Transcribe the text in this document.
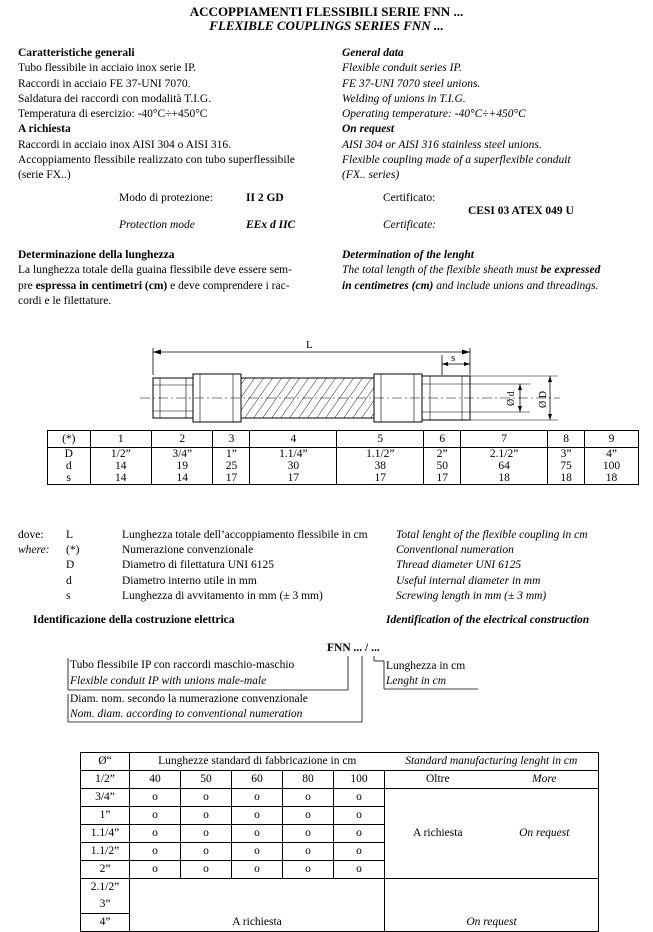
ACCOPPIAMENTI FLESSIBILI SERIE FNN ...
FLEXIBLE COUPLINGS SERIES FNN ...
Caratteristiche generali
Tubo flessibile in acciaio inox serie IP.
Raccordi in acciaio FE 37-UNI 7070.
Saldatura dei raccordi con modalità T.I.G.
Temperatura di esercizio: -40°C÷+450°C
A richiesta
Raccordi in acciaio inox AISI 304 o AISI 316.
Accoppiamento flessibile realizzato con tubo superflessibile
(serie FX..)
General data
Flexible conduit series IP.
FE 37-UNI 7070 steel unions.
Welding of unions in T.I.G.
Operating temperature: -40°C÷+450°C
On request
AISI 304 or AISI 316 stainless steel unions.
Flexible coupling made of a superflexible conduit
(FX.. series)
Modo di protezione:	II 2 GD	Certificato:
Protection mode	EEx d IIC	Certificate:
CESI 03 ATEX 049 U
Determinazione della lunghezza
La lunghezza totale della guaina flessibile deve essere sem-
pre espressa in centimetri (cm) e deve comprendere i rac-
cordi e le filettature.
Determination of the lenght
The total length of the flexible sheath must be expressed
in centimetres (cm) and include unions and threadings.
L
s
Ø d Ø D
(*)	1	2	3	4	5	6	7	8	9
D	1/2”	3/4”	1”	1.1/4”	1.1/2”	2”	2.1/2”	3”	4”
d	14	19	25	30	38	50	64	75	100
s	14	14	17	17	17	17	18	18	18
dove:	L	Lunghezza totale dell’accoppiamento flessibile in cm	Total lenght of the flexible coupling in cm
where:	(*)	Numerazione convenzionale	Conventional numeration
	D	Diametro di filettatura UNI 6125	Thread diameter UNI 6125
	d	Diametro interno utile in mm	Useful internal diameter in mm
	s	Lunghezza di avvitamento in mm (± 3 mm)	Screwing length in mm (± 3 mm)
Identificazione della costruzione elettrica	Identification of the electrical construction
FNN ... / ...
Tubo flessibile IP con raccordi maschio-maschio
Flexible conduit IP with unions male-male
Lunghezza in cm
Lenght in cm
Diam. nom. secondo la numerazione convenzionale
Nom. diam. according to conventional numeration
Ø“	Lunghezze standard di fabbricazione in cm					Standard manufacturing lenght in cm	
1/2”	40	50	60	80	100	Oltre	More
3/4”	o	o	o	o	o	A richiesta	On request
1”	o	o	o	o	o		
1.1/4”	o	o	o	o	o		
1.1/2”	o	o	o	o	o		
2”	o	o	o	o	o		
2.1/2”	A richiesta					On request	
3”							
4”							
